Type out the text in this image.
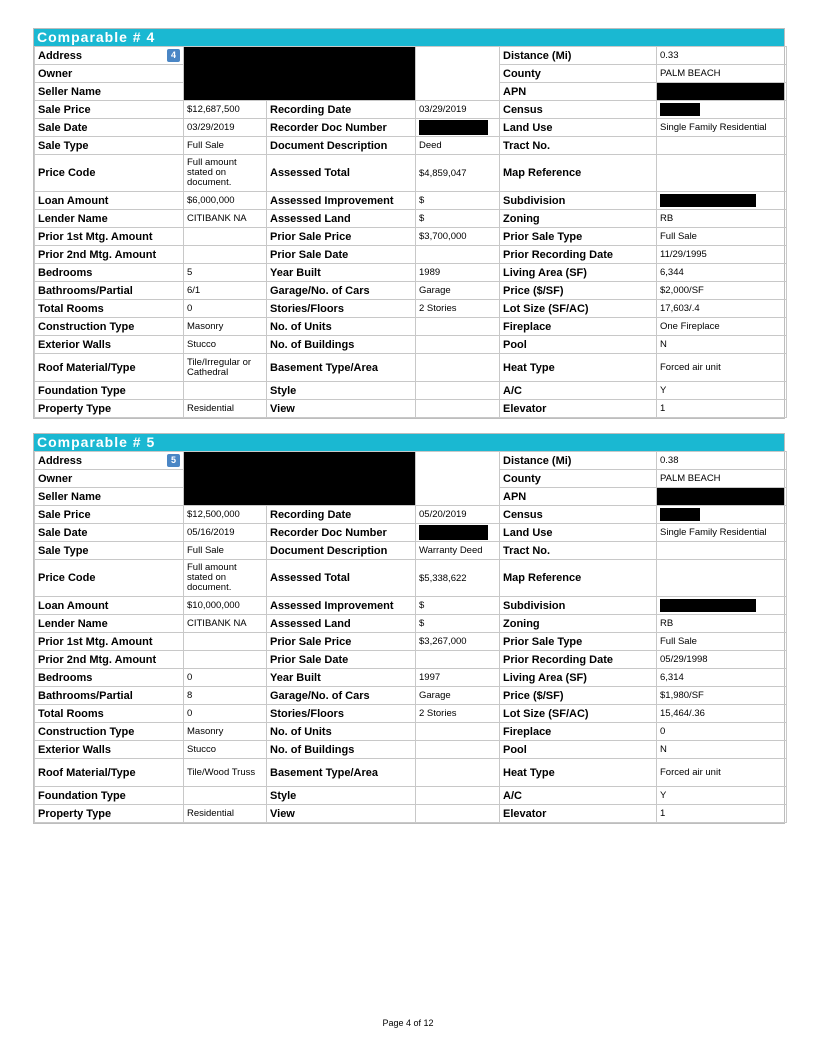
Comparable # 4
Address 4				Distance (Mi)	0.33
Owner				County	PALM BEACH
Seller Name				APN	

Sale Price	$12,687,500	Recording Date	03/29/2019	Census	

Sale Date	03/29/2019	Recorder Doc Number		Land Use	Single Family Residential
Sale Type	Full Sale	Document Description	Deed	Tract No.	
Price Code	Full amount stated on document.	Assessed Total	$4,859,047	Map Reference	
Loan Amount	$6,000,000	Assessed Improvement	$	Subdivision	

Lender Name	CITIBANK NA	Assessed Land	$	Zoning	RB
Prior 1st Mtg. Amount		Prior Sale Price	$3,700,000	Prior Sale Type	Full Sale
Prior 2nd Mtg. Amount		Prior Sale Date		Prior Recording Date	11/29/1995
Bedrooms	5	Year Built	1989	Living Area (SF)	6,344
Bathrooms/Partial	6/1	Garage/No. of Cars	Garage	Price ($/SF)	$2,000/SF
Total Rooms	0	Stories/Floors	2 Stories	Lot Size (SF/AC)	17,603/.4
Construction Type	Masonry	No. of Units		Fireplace	One Fireplace
Exterior Walls	Stucco	No. of Buildings		Pool	N
Roof Material/Type	Tile/Irregular or Cathedral	Basement Type/Area		Heat Type	Forced air unit
Foundation Type		Style		A/C	Y
Property Type	Residential	View		Elevator	1
Comparable # 5
Address 5				Distance (Mi)	0.38
Owner				County	PALM BEACH
Seller Name				APN	

Sale Price	$12,500,000	Recording Date	05/20/2019	Census	

Sale Date	05/16/2019	Recorder Doc Number		Land Use	Single Family Residential
Sale Type	Full Sale	Document Description	Warranty Deed	Tract No.	
Price Code	Full amount stated on document.	Assessed Total	$5,338,622	Map Reference	
Loan Amount	$10,000,000	Assessed Improvement	$	Subdivision	

Lender Name	CITIBANK NA	Assessed Land	$	Zoning	RB
Prior 1st Mtg. Amount		Prior Sale Price	$3,267,000	Prior Sale Type	Full Sale
Prior 2nd Mtg. Amount		Prior Sale Date		Prior Recording Date	05/29/1998
Bedrooms	0	Year Built	1997	Living Area (SF)	6,314
Bathrooms/Partial	8	Garage/No. of Cars	Garage	Price ($/SF)	$1,980/SF
Total Rooms	0	Stories/Floors	2 Stories	Lot Size (SF/AC)	15,464/.36
Construction Type	Masonry	No. of Units		Fireplace	0
Exterior Walls	Stucco	No. of Buildings		Pool	N
Roof Material/Type	Tile/Wood Truss	Basement Type/Area		Heat Type	Forced air unit
Foundation Type		Style		A/C	Y
Property Type	Residential	View		Elevator	1
Page 4 of 12
